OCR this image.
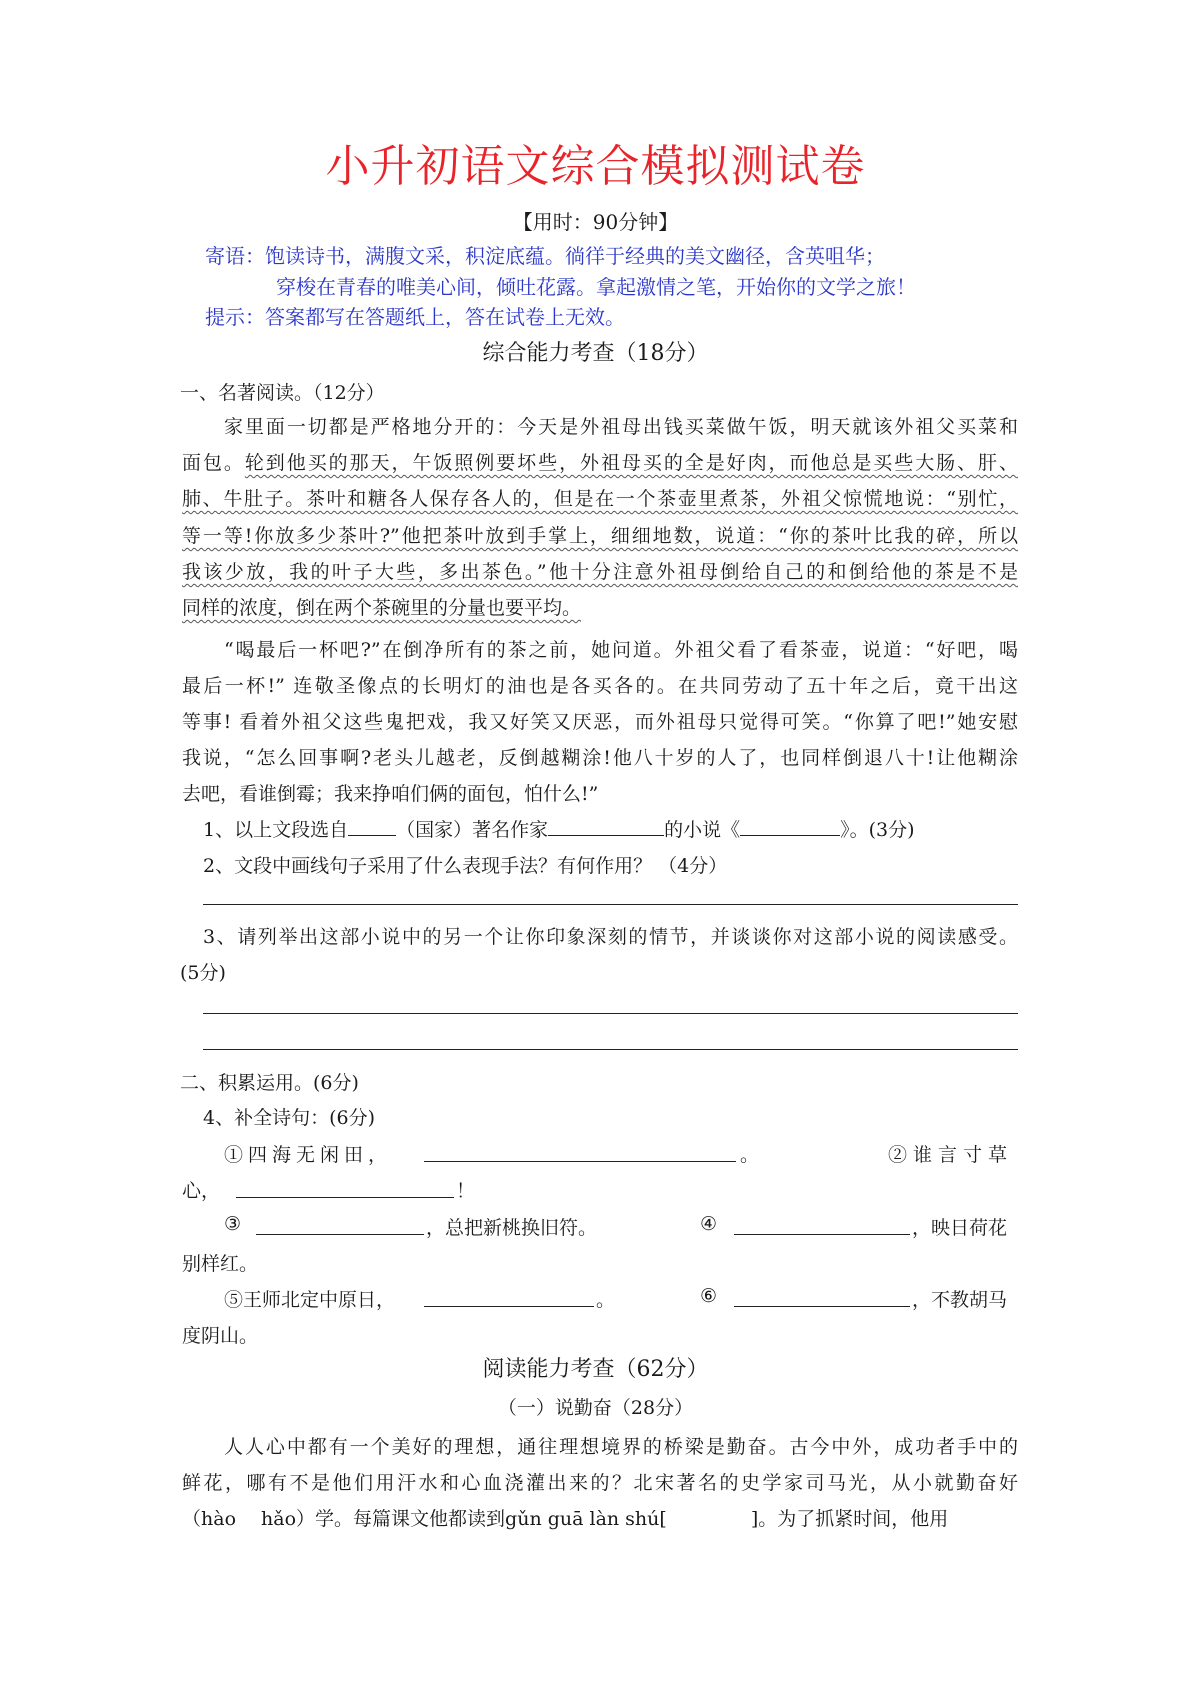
小升初语文综合模拟测试卷
【用时：90分钟】
寄语：饱读诗书，满腹文采，积淀底蕴。徜徉于经典的美文幽径，含英咀华；
穿梭在青春的唯美心间，倾吐花露。拿起激情之笔，开始你的文学之旅！
提示：答案都写在答题纸上，答在试卷上无效。
综合能力考查（18分）
一、名著阅读。（12分）
家里面一切都是严格地分开的：今天是外祖母出钱买菜做午饭，明天就该外祖父买菜和
面包。轮到他买的那天，午饭照例要坏些，外祖母买的全是好肉，而他总是买些大肠、肝、
肺、牛肚子。茶叶和糖各人保存各人的，但是在一个茶壶里煮茶，外祖父惊慌地说：“别忙，
等一等!你放多少茶叶?”他把茶叶放到手掌上，细细地数，说道：“你的茶叶比我的碎，所以
我该少放，我的叶子大些，多出茶色。”他十分注意外祖母倒给自己的和倒给他的茶是不是
同样的浓度，倒在两个茶碗里的分量也要平均。
“喝最后一杯吧?”在倒净所有的茶之前，她问道。外祖父看了看茶壶，说道：“好吧，喝
最后一杯!” 连敬圣像点的长明灯的油也是各买各的。在共同劳动了五十年之后，竟干出这
等事! 看着外祖父这些鬼把戏，我又好笑又厌恶，而外祖母只觉得可笑。“你算了吧!”她安慰
我说，“怎么回事啊?老头儿越老，反倒越糊涂!他八十岁的人了，也同样倒退八十!让他糊涂
去吧，看谁倒霉；我来挣咱们俩的面包，怕什么!”
1、以上文段选自	（国家）著名作家	的小说《	》。(3分)
2、文段中画线句子采用了什么表现手法？有何作用？ （4分）
3、请列举出这部小说中的另一个让你印象深刻的情节，并谈谈你对这部小说的阅读感受。
(5分)
二、积累运用。(6分)
4、补全诗句：(6分)
①四海无闲田，	。	②谁言寸草
心，	！
③	，总把新桃换旧符。	④	，映日荷花
别样红。
⑤王师北定中原日，	。	⑥	，不教胡马
度阴山。
阅读能力考查（62分）
（一）说勤奋（28分）
人人心中都有一个美好的理想，通往理想境界的桥梁是勤奋。古今中外，成功者手中的
鲜花，哪有不是他们用汗水和心血浇灌出来的？北宋著名的史学家司马光，从小就勤奋好
（hào　 hǎo）学。每篇课文他都读到gǔn guā làn shú[	]。为了抓紧时间，他用
